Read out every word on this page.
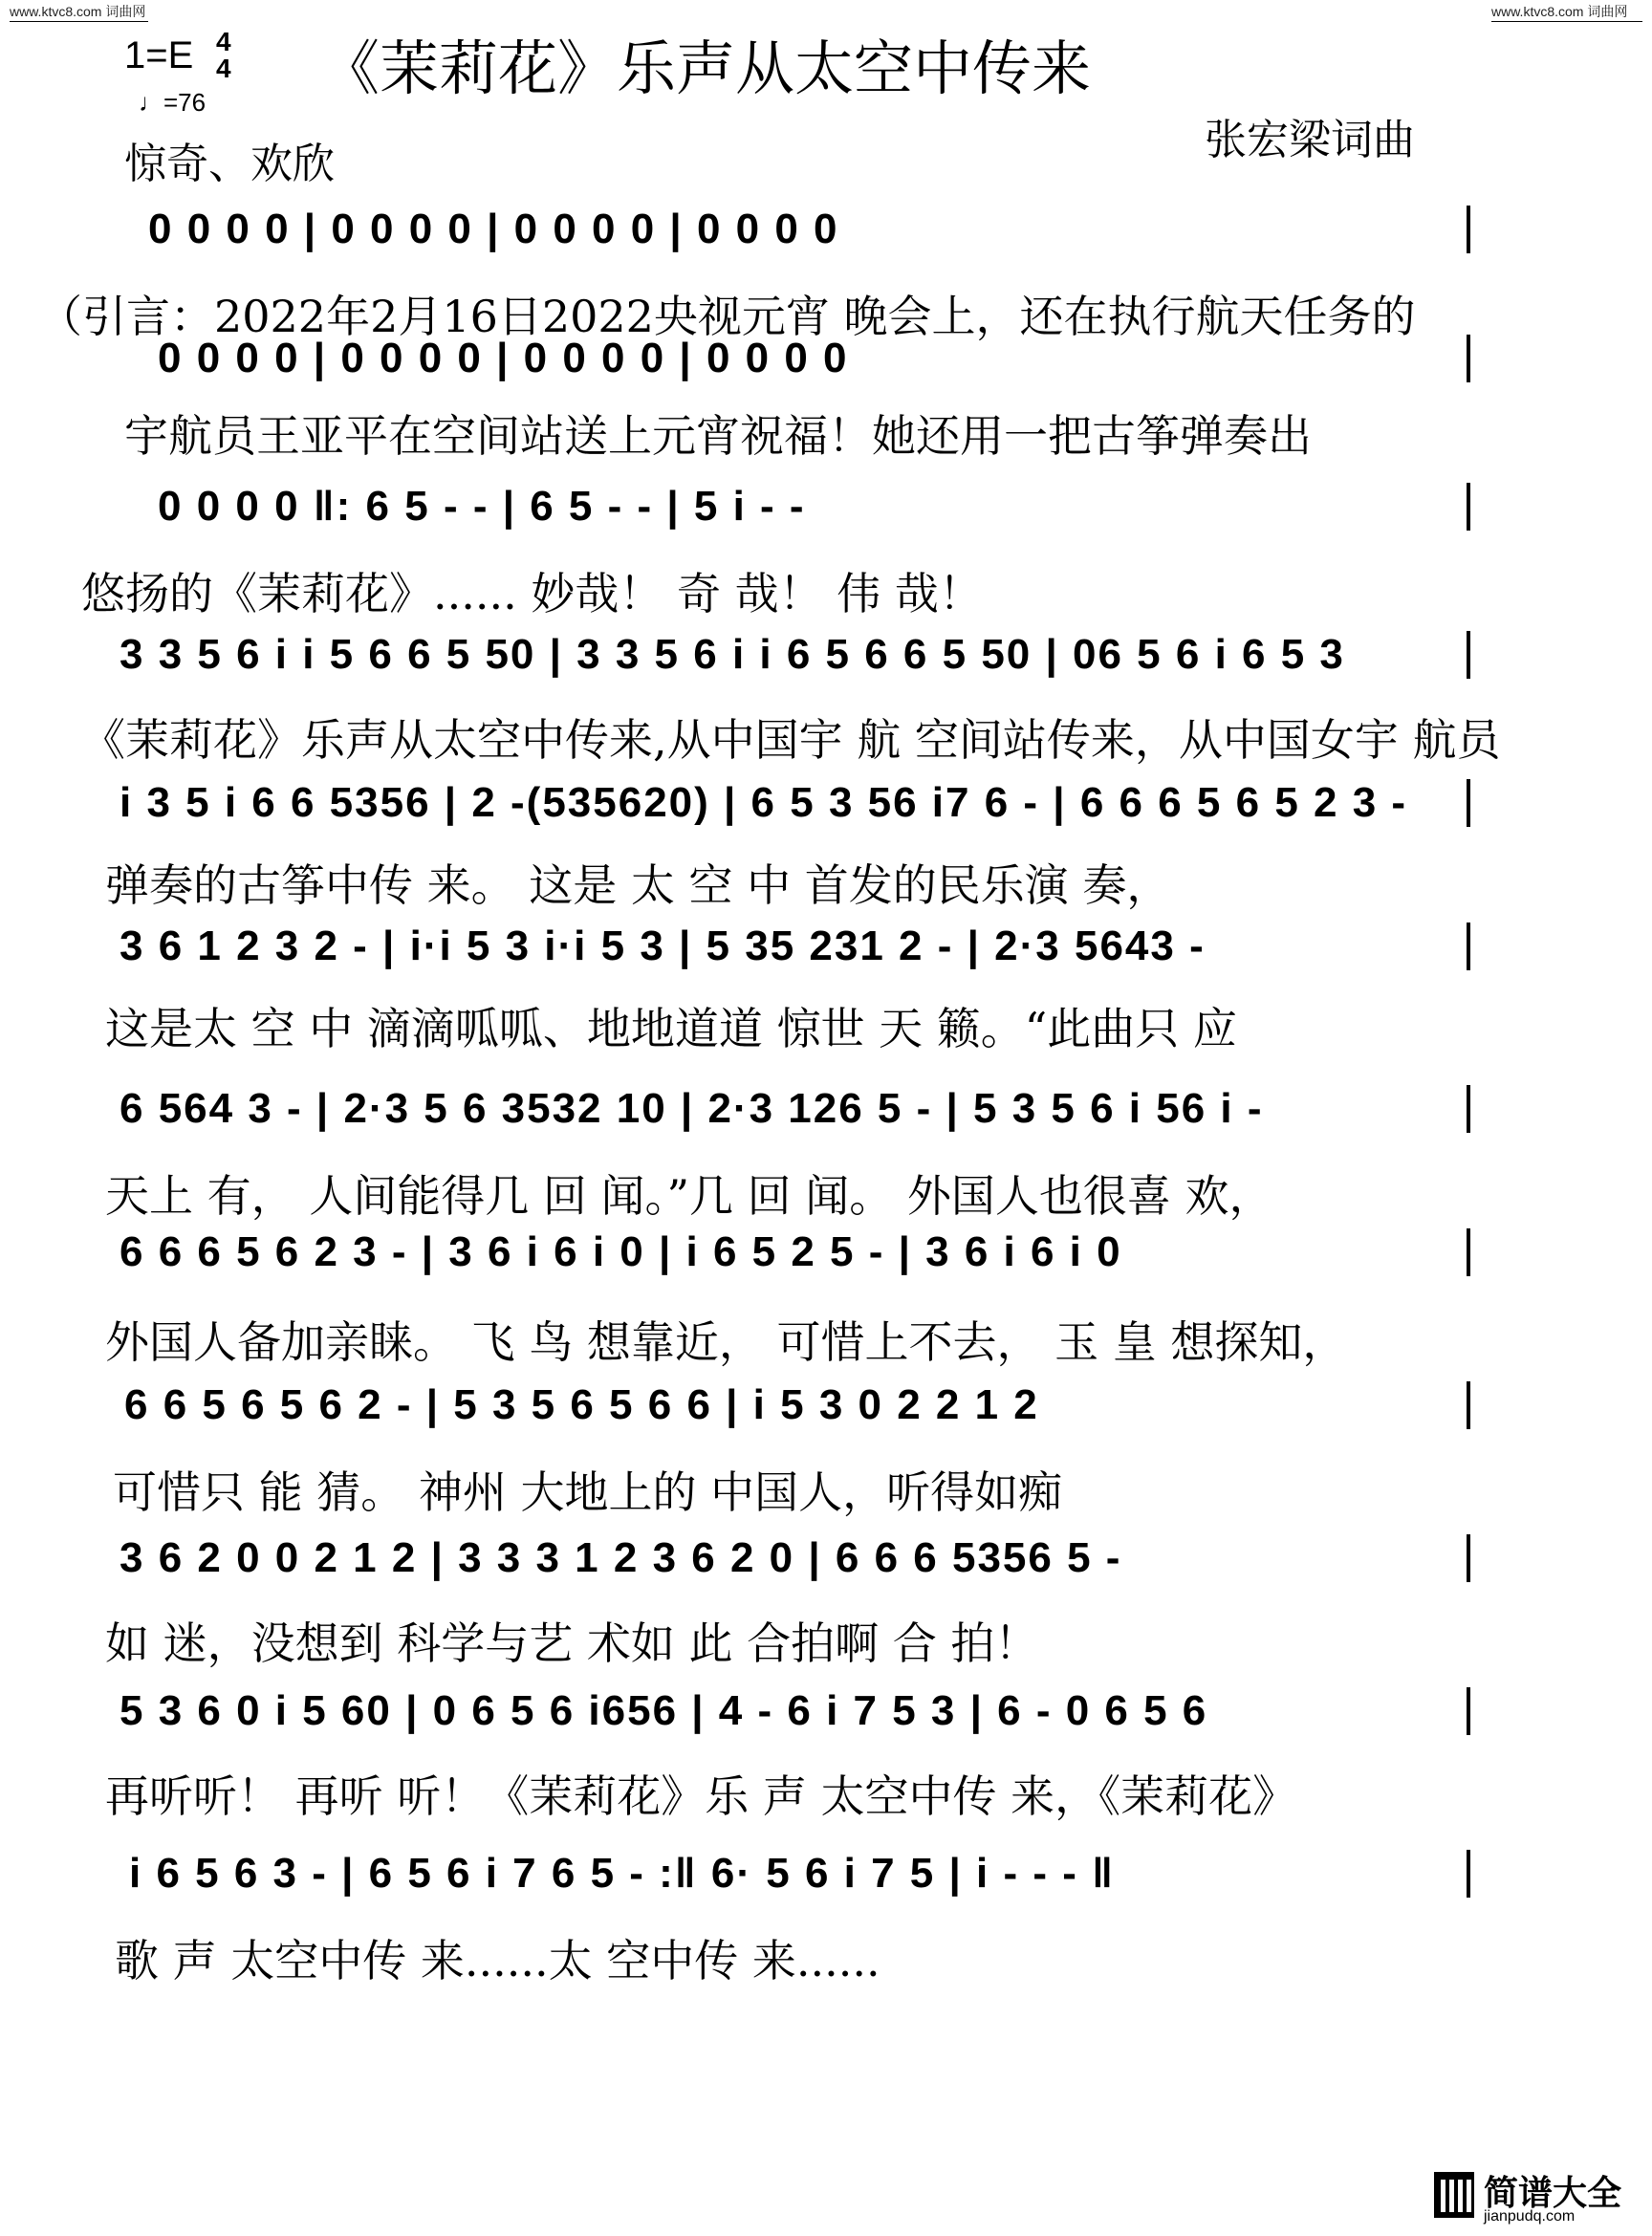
www.ktvc8.com 词曲网	www.ktvc8.com 词曲网
1=E 4
4
♩=76 《茉莉花》乐声从太空中传来
张宏梁词曲
惊奇、欢欣
0 0 0 0 | 0 0 0 0 | 0 0 0 0 | 0 0 0 0
（引言：2022年2月16日2022央视元宵 晚会上，还在执行航天任务的
0 0 0 0 | 0 0 0 0 | 0 0 0 0 | 0 0 0 0
宇航员王亚平在空间站送上元宵祝福！她还用一把古筝弹奏出
0 0 0 0 ‖: 6 5 - - | 6 5 - - | 5 i - -
悠扬的《茉莉花》...... 妙哉！ 奇 哉！ 伟 哉！
3 3 5 6 i i 5 6 6 5 50 | 3 3 5 6 i i 6 5 6 6 5 50 | 06 5 6 i 6 5 3
《茉莉花》乐声从太空中传来,从中国宇 航 空间站传来，从中国女宇 航员
i 3 5 i 6 6 5356 | 2 -(535620) | 6 5 3 56 i7 6 - | 6 6 6 5 6 5 2 3 -
弹奏的古筝中传 来。 这是 太 空 中 首发的民乐演 奏，
3 6 1 2 3 2 - | i·i 5 3 i·i 5 3 | 5 35 231 2 - | 2·3 5643 -
这是太 空 中 滴滴呱呱、地地道道 惊世 天 籁。“此曲只 应
6 564 3 - | 2·3 5 6 3532 10 | 2·3 126 5 - | 5 3 5 6 i 56 i -
天上 有， 人间能得几 回 闻。”几 回 闻。 外国人也很喜 欢，
6 6 6 5 6 2 3 - | 3 6 i 6 i 0 | i 6 5 2 5 - | 3 6 i 6 i 0
外国人备加亲睐。 飞 鸟 想靠近， 可惜上不去， 玉 皇 想探知，
6 6 5 6 5 6 2 - | 5 3 5 6 5 6 6 | i 5 3 0 2 2 1 2
可惜只 能 猜。 神州 大地上的 中国人，听得如痴
3 6 2 0 0 2 1 2 | 3 3 3 1 2 3 6 2 0 | 6 6 6 5356 5 -
如 迷，没想到 科学与艺 术如 此 合拍啊 合 拍！
5 3 6 0 i 5 60 | 0 6 5 6 i656 | 4 - 6 i 7 5 3 | 6 - 0 6 5 6
再听听！ 再听 听！《茉莉花》乐 声 太空中传 来，《茉莉花》
i 6 5 6 3 - | 6 5 6 i 7 6 5 - :‖ 6· 5 6 i 7 5 | i - - - ‖
歌 声 太空中传 来......太 空中传 来......
简谱大全
jianpudq.com
